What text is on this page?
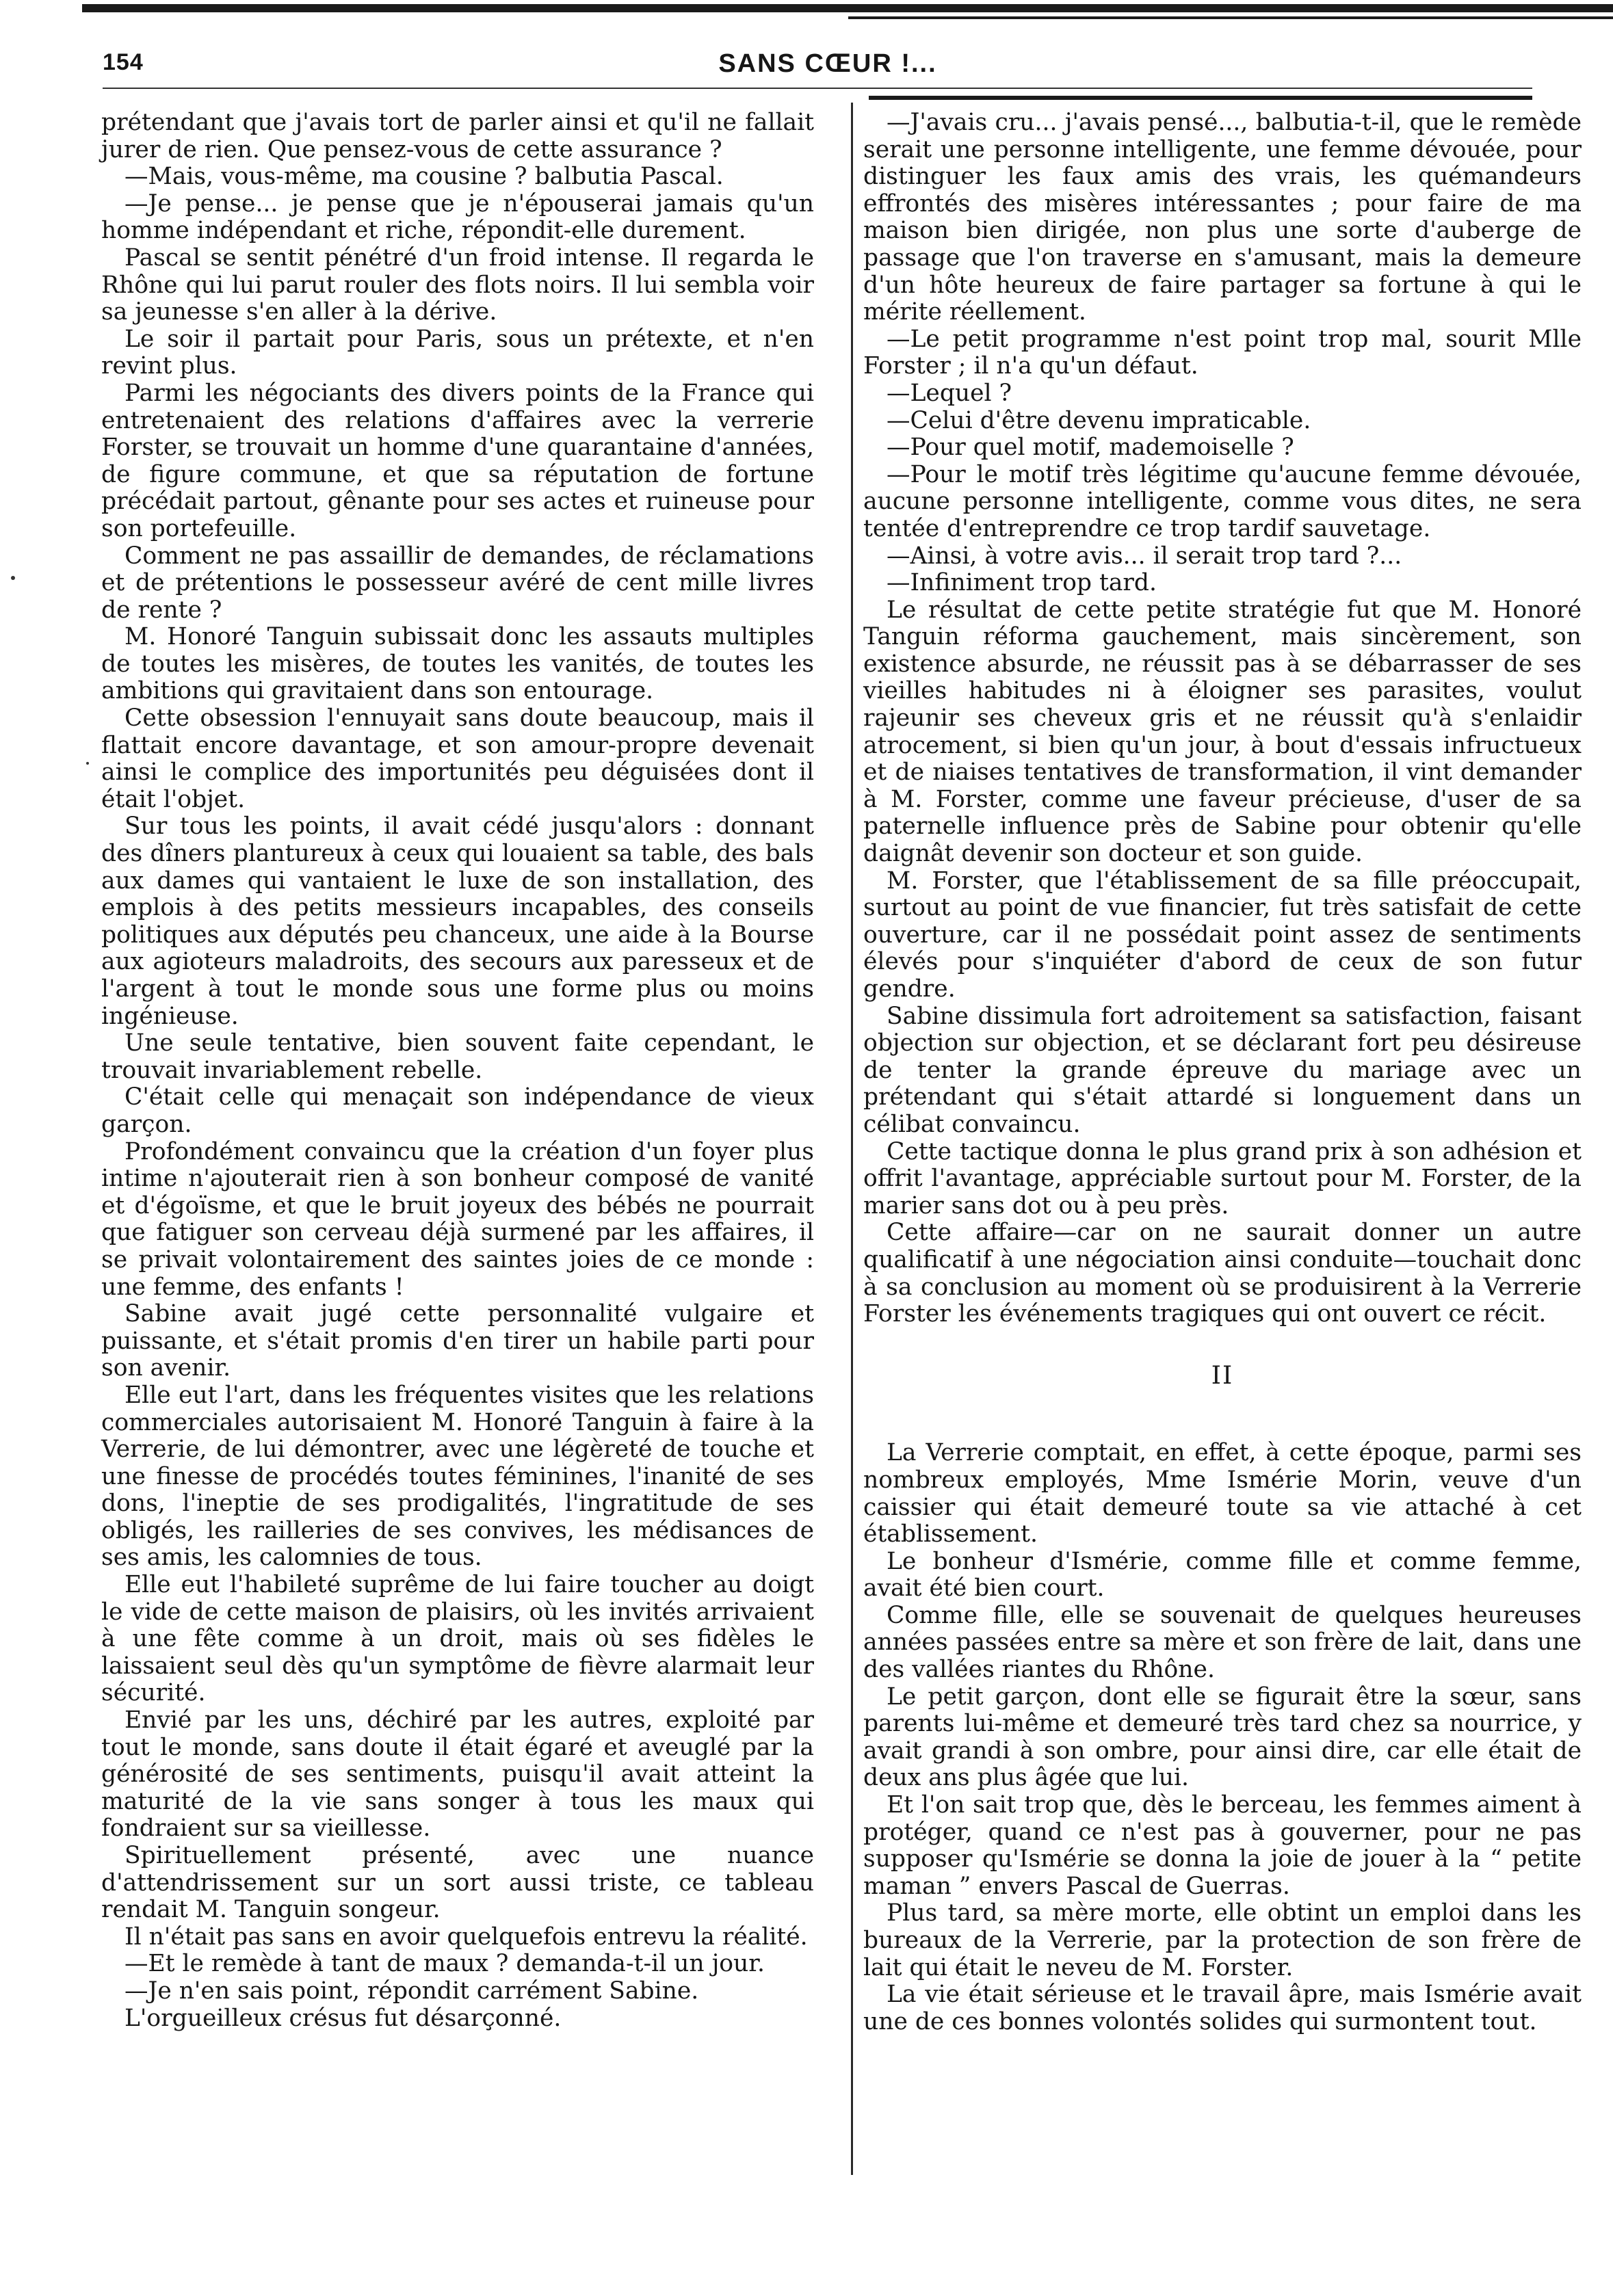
154	SANS CŒUR !...

prétendant que j'avais tort de parler ainsi et qu'il ne fallait jurer de rien. Que pensez-vous de cette assurance ?

—Mais, vous-même, ma cousine ? balbutia Pascal.

—Je pense... je pense que je n'épouserai jamais qu'un homme indépendant et riche, répondit-elle durement.

Pascal se sentit pénétré d'un froid intense. Il regarda le Rhône qui lui parut rouler des flots noirs. Il lui sembla voir sa jeunesse s'en aller à la dérive.

Le soir il partait pour Paris, sous un prétexte, et n'en revint plus.

Parmi les négociants des divers points de la France qui entretenaient des relations d'affaires avec la verrerie Forster, se trouvait un homme d'une quarantaine d'années, de figure commune, et que sa réputation de fortune précédait partout, gênante pour ses actes et ruineuse pour son portefeuille.

Comment ne pas assaillir de demandes, de réclamations et de prétentions le possesseur avéré de cent mille livres de rente ?

M. Honoré Tanguin subissait donc les assauts multiples de toutes les misères, de toutes les vanités, de toutes les ambitions qui gravitaient dans son entourage.

Cette obsession l'ennuyait sans doute beaucoup, mais il flattait encore davantage, et son amour-propre devenait ainsi le complice des importunités peu déguisées dont il était l'objet.

Sur tous les points, il avait cédé jusqu'alors : donnant des dîners plantureux à ceux qui louaient sa table, des bals aux dames qui vantaient le luxe de son installation, des emplois à des petits messieurs incapables, des conseils politiques aux députés peu chanceux, une aide à la Bourse aux agioteurs maladroits, des secours aux paresseux et de l'argent à tout le monde sous une forme plus ou moins ingénieuse.

Une seule tentative, bien souvent faite cependant, le trouvait invariablement rebelle.

C'était celle qui menaçait son indépendance de vieux garçon.

Profondément convaincu que la création d'un foyer plus intime n'ajouterait rien à son bonheur composé de vanité et d'égoïsme, et que le bruit joyeux des bébés ne pourrait que fatiguer son cerveau déjà surmené par les affaires, il se privait volontairement des saintes joies de ce monde : une femme, des enfants !

Sabine avait jugé cette personnalité vulgaire et puissante, et s'était promis d'en tirer un habile parti pour son avenir.

Elle eut l'art, dans les fréquentes visites que les relations commerciales autorisaient M. Honoré Tanguin à faire à la Verrerie, de lui démontrer, avec une légèreté de touche et une finesse de procédés toutes féminines, l'inanité de ses dons, l'ineptie de ses prodigalités, l'ingratitude de ses obligés, les railleries de ses convives, les médisances de ses amis, les calomnies de tous.

Elle eut l'habileté suprême de lui faire toucher au doigt le vide de cette maison de plaisirs, où les invités arrivaient à une fête comme à un droit, mais où ses fidèles le laissaient seul dès qu'un symptôme de fièvre alarmait leur sécurité.

Envié par les uns, déchiré par les autres, exploité par tout le monde, sans doute il était égaré et aveuglé par la générosité de ses sentiments, puisqu'il avait atteint la maturité de la vie sans songer à tous les maux qui fondraient sur sa vieillesse.

Spirituellement présenté, avec une nuance d'attendrissement sur un sort aussi triste, ce tableau rendait M. Tanguin songeur.

Il n'était pas sans en avoir quelquefois entrevu la réalité.

—Et le remède à tant de maux ? demanda-t-il un jour.

—Je n'en sais point, répondit carrément Sabine.

L'orgueilleux crésus fut désarçonné.

—J'avais cru... j'avais pensé..., balbutia-t-il, que le remède serait une personne intelligente, une femme dévouée, pour distinguer les faux amis des vrais, les quémandeurs effrontés des misères intéressantes ; pour faire de ma maison bien dirigée, non plus une sorte d'auberge de passage que l'on traverse en s'amusant, mais la demeure d'un hôte heureux de faire partager sa fortune à qui le mérite réellement.

—Le petit programme n'est point trop mal, sourit Mlle Forster ; il n'a qu'un défaut.

—Lequel ?

—Celui d'être devenu impraticable.

—Pour quel motif, mademoiselle ?

—Pour le motif très légitime qu'aucune femme dévouée, aucune personne intelligente, comme vous dites, ne sera tentée d'entreprendre ce trop tardif sauvetage.

—Ainsi, à votre avis... il serait trop tard ?...

—Infiniment trop tard.

Le résultat de cette petite stratégie fut que M. Honoré Tanguin réforma gauchement, mais sincèrement, son existence absurde, ne réussit pas à se débarrasser de ses vieilles habitudes ni à éloigner ses parasites, voulut rajeunir ses cheveux gris et ne réussit qu'à s'enlaidir atrocement, si bien qu'un jour, à bout d'essais infructueux et de niaises tentatives de transformation, il vint demander à M. Forster, comme une faveur précieuse, d'user de sa paternelle influence près de Sabine pour obtenir qu'elle daignât devenir son docteur et son guide.

M. Forster, que l'établissement de sa fille préoccupait, surtout au point de vue financier, fut très satisfait de cette ouverture, car il ne possédait point assez de sentiments élevés pour s'inquiéter d'abord de ceux de son futur gendre.

Sabine dissimula fort adroitement sa satisfaction, faisant objection sur objection, et se déclarant fort peu désireuse de tenter la grande épreuve du mariage avec un prétendant qui s'était attardé si longuement dans un célibat convaincu.

Cette tactique donna le plus grand prix à son adhésion et offrit l'avantage, appréciable surtout pour M. Forster, de la marier sans dot ou à peu près.

Cette affaire—car on ne saurait donner un autre qualificatif à une négociation ainsi conduite—touchait donc à sa conclusion au moment où se produisirent à la Verrerie Forster les événements tragiques qui ont ouvert ce récit.

II

La Verrerie comptait, en effet, à cette époque, parmi ses nombreux employés, Mme Ismérie Morin, veuve d'un caissier qui était demeuré toute sa vie attaché à cet établissement.

Le bonheur d'Ismérie, comme fille et comme femme, avait été bien court.

Comme fille, elle se souvenait de quelques heureuses années passées entre sa mère et son frère de lait, dans une des vallées riantes du Rhône.

Le petit garçon, dont elle se figurait être la sœur, sans parents lui-même et demeuré très tard chez sa nourrice, y avait grandi à son ombre, pour ainsi dire, car elle était de deux ans plus âgée que lui.

Et l'on sait trop que, dès le berceau, les femmes aiment à protéger, quand ce n'est pas à gouverner, pour ne pas supposer qu'Ismérie se donna la joie de jouer à la “ petite maman ” envers Pascal de Guerras.

Plus tard, sa mère morte, elle obtint un emploi dans les bureaux de la Verrerie, par la protection de son frère de lait qui était le neveu de M. Forster.

La vie était sérieuse et le travail âpre, mais Ismérie avait une de ces bonnes volontés solides qui surmontent tout.
